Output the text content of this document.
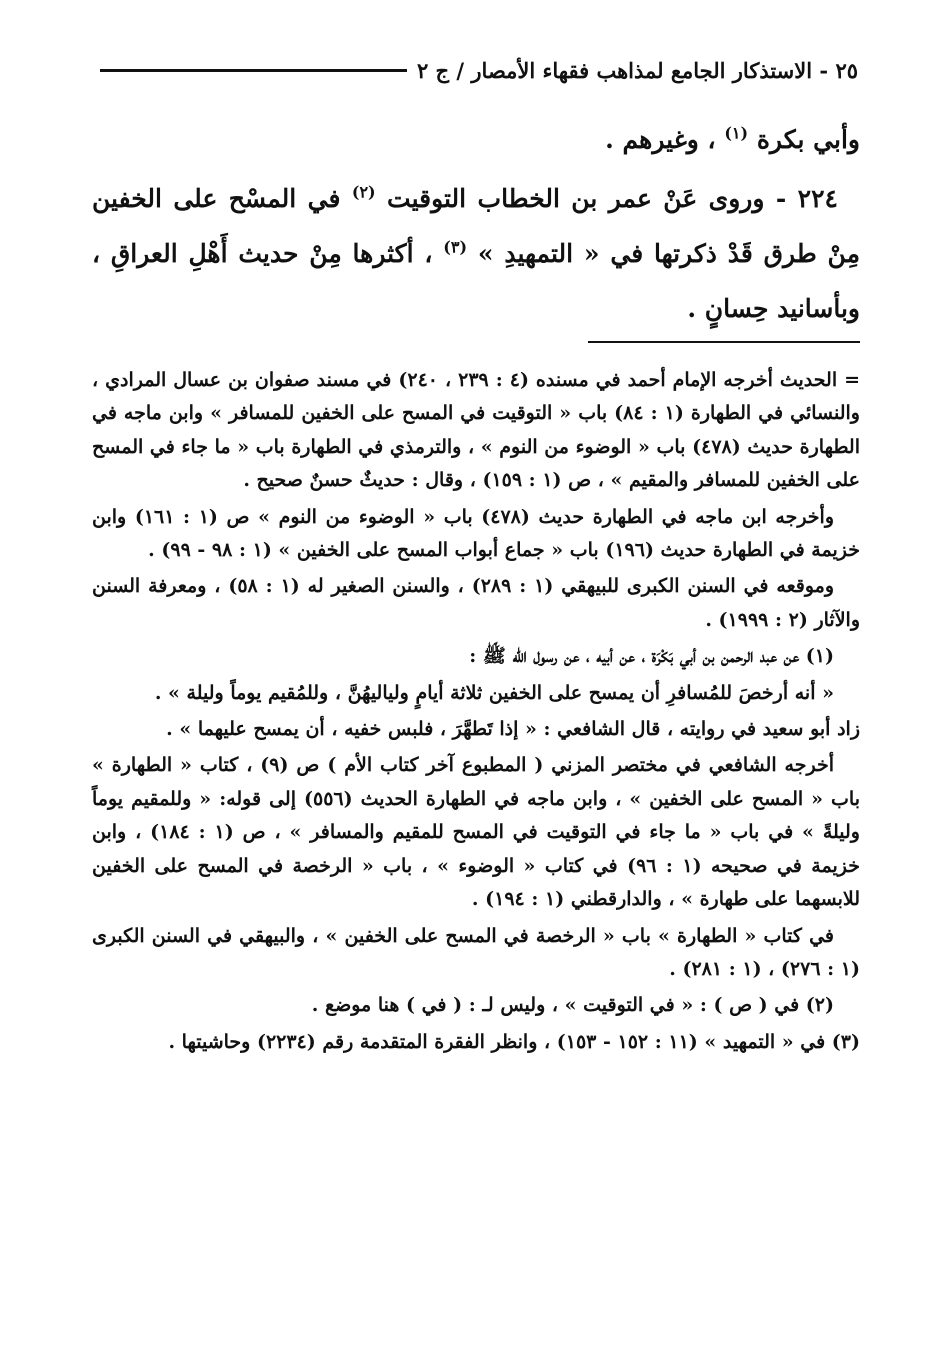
٢٥ - الاستذكار الجامع لمذاهب فقهاء الأمصار / ج ٢

وأبي بكرة $^{(١)}$ ، وغيرهم .

٢٢٤ - وروى عَنْ عمر بن الخطاب التوقيت $^{(٢)}$ في المسْح على الخفين مِنْ طرق قَدْ ذكرتها في « التمهيدِ » $^{(٣)}$ ، أكثرها مِنْ حديث أَهْلِ العراقِ ، وبأسانيد حِسانٍ .

= الحديث أخرجه الإمام أحمد في مسنده (٤ : ٢٣٩ ، ٢٤٠) في مسند صفوان بن عسال المرادي ، والنسائي في الطهارة (١ : ٨٤) باب « التوقيت في المسح على الخفين للمسافر » وابن ماجه في الطهارة حديث (٤٧٨) باب « الوضوء من النوم » ، والترمذي في الطهارة باب « ما جاء في المسح على الخفين للمسافر والمقيم » ، ص (١ : ١٥٩) ، وقال : حديثٌ حسنٌ صحيح .

وأخرجه ابن ماجه في الطهارة حديث (٤٧٨) باب « الوضوء من النوم » ص (١ : ١٦١) وابن خزيمة في الطهارة حديث (١٩٦) باب « جماع أبواب المسح على الخفين » (١ : ٩٨ - ٩٩) .

وموقعه في السنن الكبرى للبيهقي (١ : ٢٨٩) ، والسنن الصغير له (١ : ٥٨) ، ومعرفة السنن والآثار (٢ : ١٩٩٩) .

(١) عن عبد الرحمن بن أبي بَكْرَة ، عن أبيه ، عن رسول الله ﷺ :

« أنه أرخصَ للمُسافرِ أن يمسح على الخفين ثلاثة أيامٍ ولياليهُنَّ ، وللمُقيم يوماً وليلة » .

زاد أبو سعيد في روايته ، قال الشافعي : « إذا تَطهَّرَ ، فلبس خفيه ، أن يمسح عليهما » .

أخرجه الشافعي في مختصر المزني ( المطبوع آخر كتاب الأم ) ص (٩) ، كتاب « الطهارة » باب « المسح على الخفين » ، وابن ماجه في الطهارة الحديث (٥٥٦) إلى قوله: « وللمقيم يوماً وليلةً » في باب « ما جاء في التوقيت في المسح للمقيم والمسافر » ، ص (١ : ١٨٤) ، وابن خزيمة في صحيحه (١ : ٩٦) في كتاب « الوضوء » ، باب « الرخصة في المسح على الخفين للابسهما على طهارة » ، والدارقطني (١ : ١٩٤) .

في كتاب « الطهارة » باب « الرخصة في المسح على الخفين » ، والبيهقي في السنن الكبرى (١ : ٢٧٦) ، (١ : ٢٨١) .

(٢) في ( ص ) : « في التوقيت » ، وليس لـ : ( في ) هنا موضع .

(٣) في « التمهيد » (١١ : ١٥٢ - ١٥٣) ، وانظر الفقرة المتقدمة رقم (٢٢٣٤) وحاشيتها .
